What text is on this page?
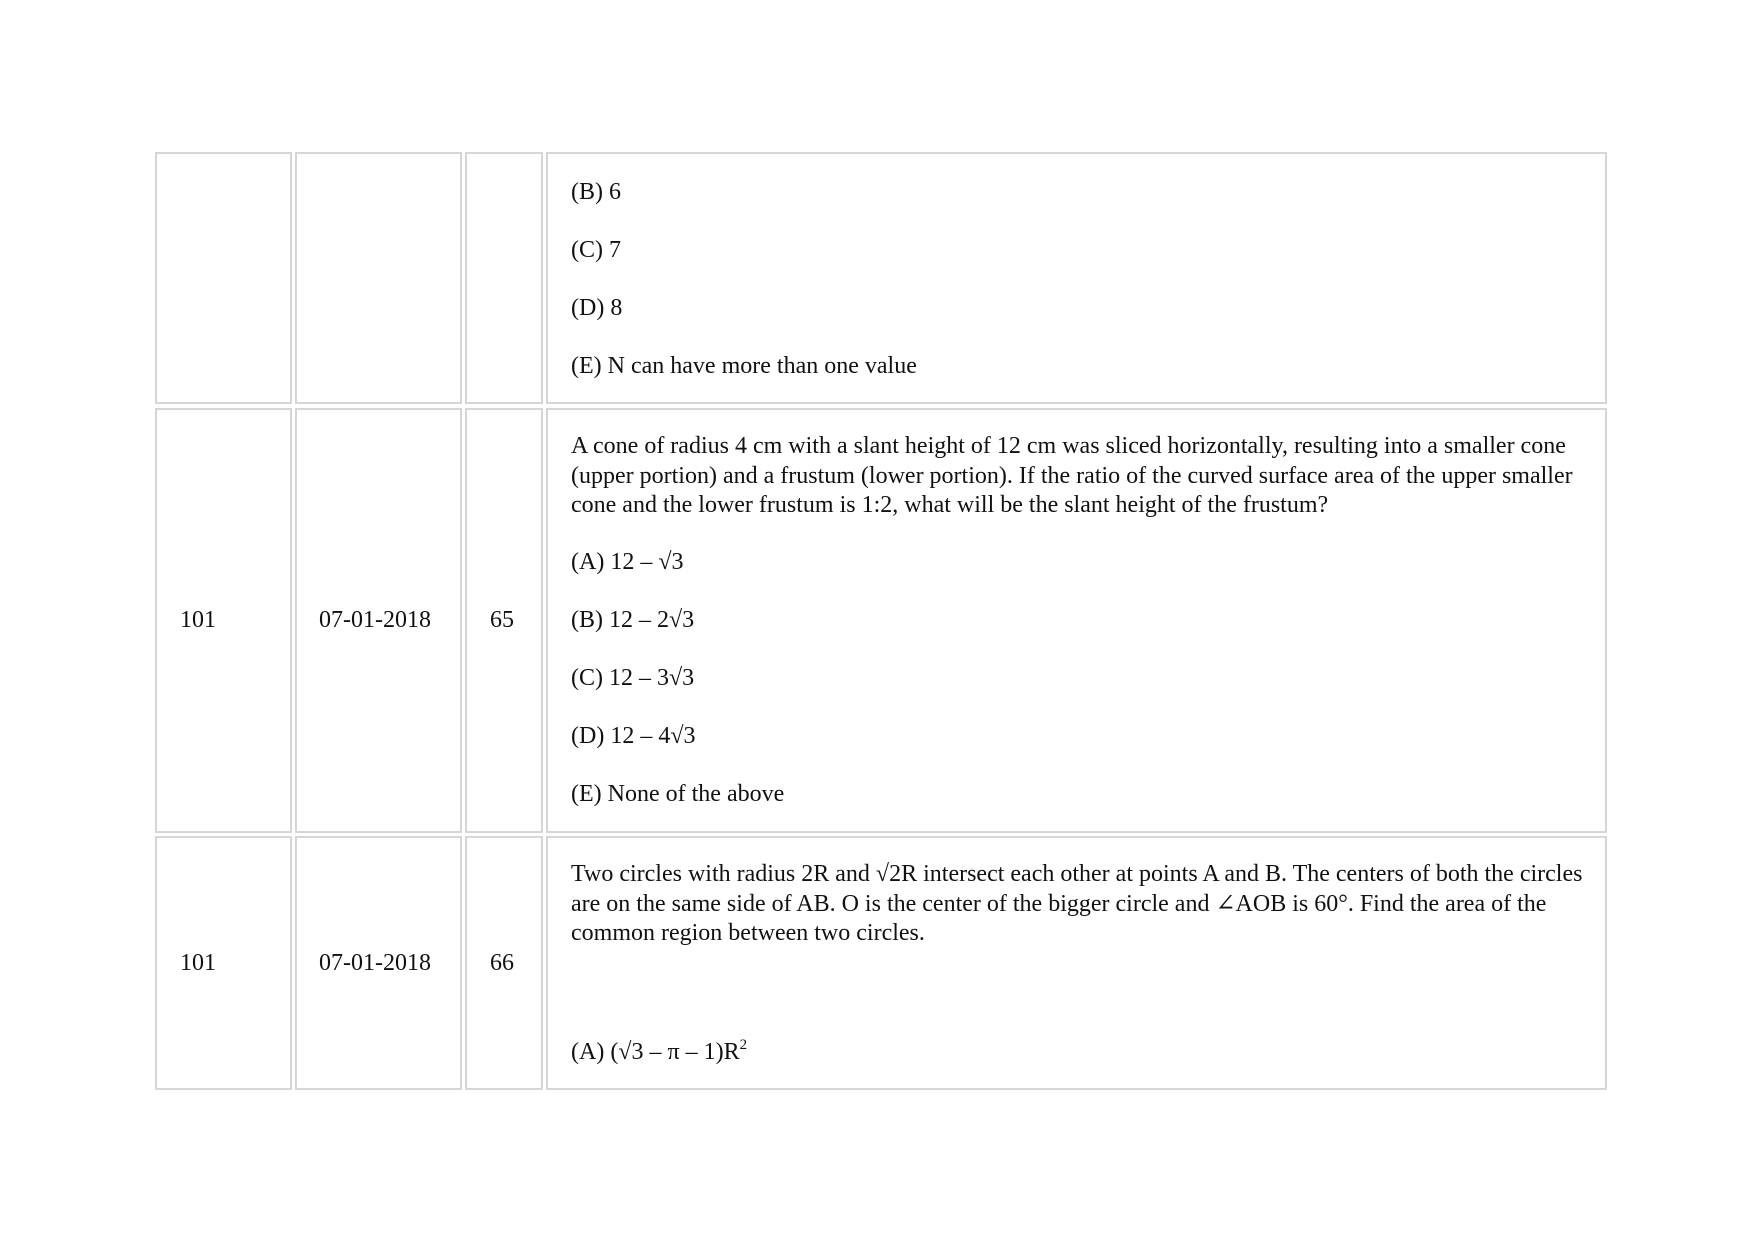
(B) 6
(C) 7
(D) 8
(E) N can have more than one value
101	07-01-2018 65

A cone of radius 4 cm with a slant height of 12 cm was sliced horizontally, resulting into a smaller cone (upper portion) and a frustum (lower portion). If the ratio of the curved surface area of the upper smaller cone and the lower frustum is 1:2, what will be the slant height of the frustum?

(A) 12 – √3
(B) 12 – 2√3
(C) 12 – 3√3
(D) 12 – 4√3
(E) None of the above
101	07-01-2018 66

Two circles with radius 2R and √2R intersect each other at points A and B. The centers of both the circles are on the same side of AB. O is the center of the bigger circle and ∠AOB is 60°. Find the area of the common region between two circles.

(A) (√3 – π – $1)R^2$
